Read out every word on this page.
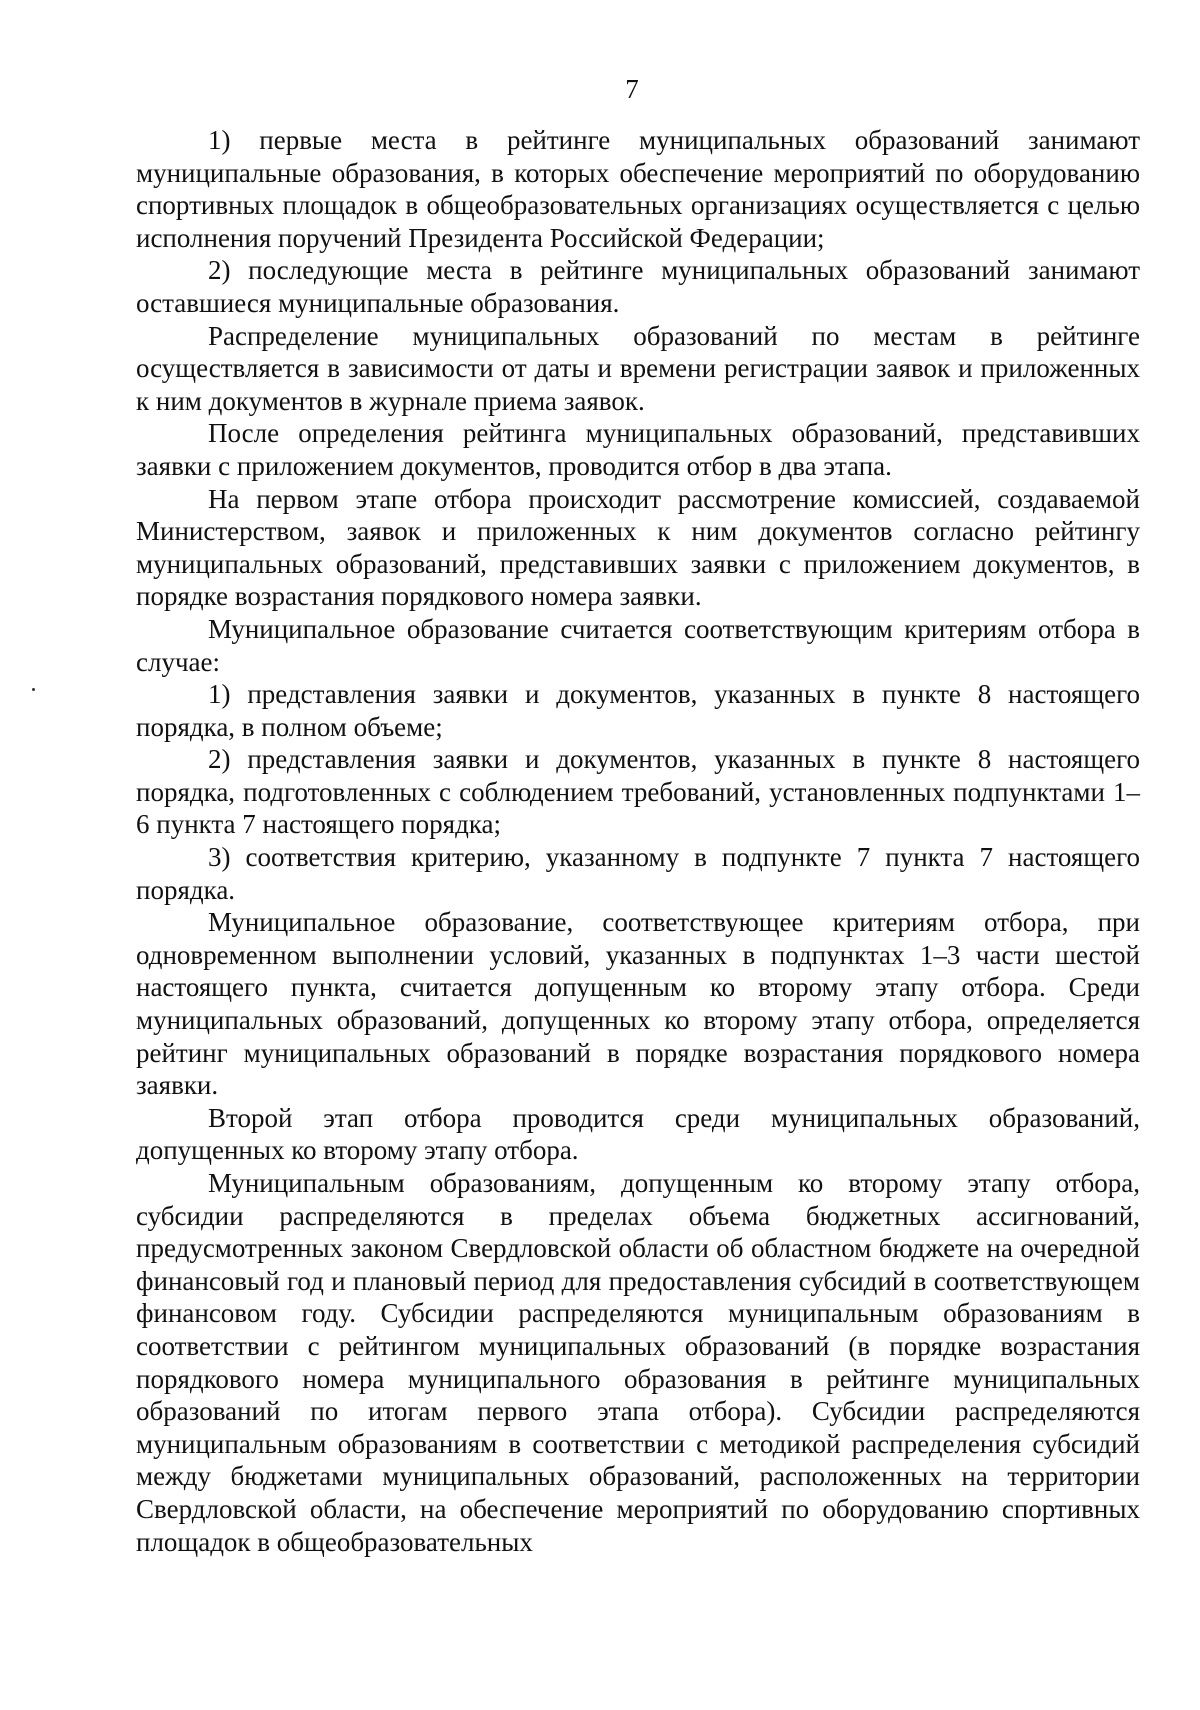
7

1) первые места в рейтинге муниципальных образований занимают муниципальные образования, в которых обеспечение мероприятий по оборудованию спортивных площадок в общеобразовательных организациях осуществляется с целью исполнения поручений Президента Российской Федерации;

2) последующие места в рейтинге муниципальных образований занимают оставшиеся муниципальные образования.

Распределение муниципальных образований по местам в рейтинге осуществляется в зависимости от даты и времени регистрации заявок и приложенных к ним документов в журнале приема заявок.

После определения рейтинга муниципальных образований, представивших заявки с приложением документов, проводится отбор в два этапа.

На первом этапе отбора происходит рассмотрение комиссией, создаваемой Министерством, заявок и приложенных к ним документов согласно рейтингу муниципальных образований, представивших заявки с приложением документов, в порядке возрастания порядкового номера заявки.

Муниципальное образование считается соответствующим критериям отбора в случае:

1) представления заявки и документов, указанных в пункте 8 настоящего порядка, в полном объеме;

2) представления заявки и документов, указанных в пункте 8 настоящего порядка, подготовленных с соблюдением требований, установленных подпунктами 1–6 пункта 7 настоящего порядка;

3) соответствия критерию, указанному в подпункте 7 пункта 7 настоящего порядка.

Муниципальное образование, соответствующее критериям отбора, при одновременном выполнении условий, указанных в подпунктах 1–3 части шестой настоящего пункта, считается допущенным ко второму этапу отбора. Среди муниципальных образований, допущенных ко второму этапу отбора, определяется рейтинг муниципальных образований в порядке возрастания порядкового номера заявки.

Второй этап отбора проводится среди муниципальных образований, допущенных ко второму этапу отбора.

Муниципальным образованиям, допущенным ко второму этапу отбора, субсидии распределяются в пределах объема бюджетных ассигнований, предусмотренных законом Свердловской области об областном бюджете на очередной финансовый год и плановый период для предоставления субсидий в соответствующем финансовом году. Субсидии распределяются муниципальным образованиям в соответствии с рейтингом муниципальных образований (в порядке возрастания порядкового номера муниципального образования в рейтинге муниципальных образований по итогам первого этапа отбора). Субсидии распределяются муниципальным образованиям в соответствии с методикой распределения субсидий между бюджетами муниципальных образований, расположенных на территории Свердловской области, на обеспечение мероприятий по оборудованию спортивных площадок в общеобразовательных
